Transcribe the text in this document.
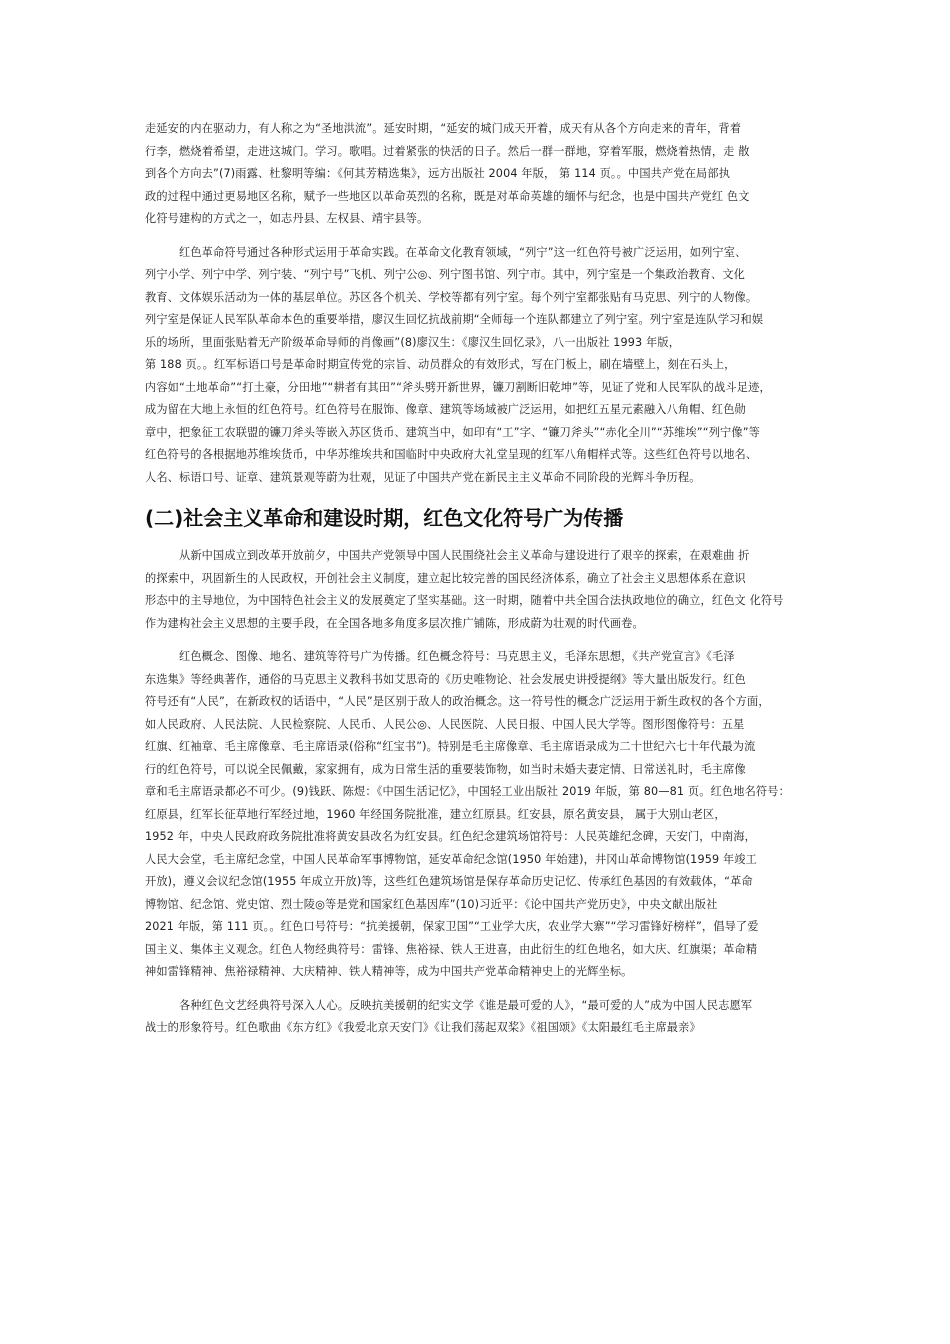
走延安的内在驱动力，有人称之为“圣地洪流”。延安时期，“延安的城门成天开着，成天有从各个方向走来的青年，背着
行李，燃烧着希望，走进这城门。学习。歌唱。过着紧张的快活的日子。然后一群一群地，穿着军服，燃烧着热情，走 散
到各个方向去”(7)雨露、杜黎明等编：《何其芳精选集》，远方出版社 2004 年版， 第 114 页。。中国共产党在局部执
政的过程中通过更易地区名称，赋予一些地区以革命英烈的名称，既是对革命英雄的缅怀与纪念，也是中国共产党红 色文
化符号建构的方式之一，如志丹县、左权县、靖宇县等。
红色革命符号通过各种形式运用于革命实践。在革命文化教育领域，“列宁”这一红色符号被广泛运用，如列宁室、
列宁小学、列宁中学、列宁装、“列宁号”飞机、列宁公◎、列宁图书馆、列宁市。其中，列宁室是一个集政治教育、文化
教育、文体娱乐活动为一体的基层单位。苏区各个机关、学校等都有列宁室。每个列宁室都张贴有马克思、列宁的人物像。
列宁室是保证人民军队革命本色的重要举措，廖汉生回忆抗战前期“全师每一个连队都建立了列宁室。列宁室是连队学习和娱
乐的场所，里面张贴着无产阶级革命导师的肖像画”(8)廖汉生：《廖汉生回忆录》，八一出版社 1993 年版，
第 188 页。。红军标语口号是革命时期宣传党的宗旨、动员群众的有效形式，写在门板上，刷在墙壁上，刻在石头上，
内容如“土地革命”“打土豪，分田地”“耕者有其田”“斧头劈开新世界，镰刀割断旧乾坤”等，见证了党和人民军队的战斗足迹，
成为留在大地上永恒的红色符号。红色符号在服饰、像章、建筑等场域被广泛运用，如把红五星元素融入八角帽、红色勋
章中，把象征工农联盟的镰刀斧头等嵌入苏区货币、建筑当中，如印有“工”字、“镰刀斧头”“赤化全川”“苏维埃”“列宁像”等
红色符号的各根据地苏维埃货币，中华苏维埃共和国临时中央政府大礼堂呈现的红军八角帽样式等。这些红色符号以地名、
人名、标语口号、证章、建筑景观等蔚为壮观，见证了中国共产党在新民主主义革命不同阶段的光辉斗争历程。
(二)社会主义革命和建设时期，红色文化符号广为传播
从新中国成立到改革开放前夕，中国共产党领导中国人民围绕社会主义革命与建设进行了艰辛的探索，在艰难曲 折
的探索中，巩固新生的人民政权，开创社会主义制度，建立起比较完善的国民经济体系，确立了社会主义思想体系在意识
形态中的主导地位，为中国特色社会主义的发展奠定了坚实基础。这一时期，随着中共全国合法执政地位的确立，红色文 化符号
作为建构社会主义思想的主要手段，在全国各地多角度多层次推广铺陈，形成蔚为壮观的时代画卷。
红色概念、图像、地名、建筑等符号广为传播。红色概念符号：马克思主义，毛泽东思想，《共产党宣言》《毛泽
东选集》等经典著作，通俗的马克思主义教科书如艾思奇的《历史唯物论、社会发展史讲授提纲》等大量出版发行。红色
符号还有“人民”，在新政权的话语中，“人民”是区别于敌人的政治概念。这一符号性的概念广泛运用于新生政权的各个方面，
如人民政府、人民法院、人民检察院、人民币、人民公◎、人民医院、人民日报、中国人民大学等。图形图像符号：五星
红旗、红袖章、毛主席像章、毛主席语录(俗称“红宝书”)。特别是毛主席像章、毛主席语录成为二十世纪六七十年代最为流
行的红色符号，可以说全民佩戴，家家拥有，成为日常生活的重要装饰物，如当时未婚夫妻定情、日常送礼时，毛主席像
章和毛主席语录都必不可少。(9)钱跃、陈煜：《中国生活记忆》，中国轻工业出版社 2019 年版，第 80—81 页。红色地名符号：
红原县，红军长征草地行军经过地，1960 年经国务院批准，建立红原县。红安县，原名黄安县， 属于大别山老区，
1952 年，中央人民政府政务院批准将黄安县改名为红安县。红色纪念建筑场馆符号：人民英雄纪念碑，天安门，中南海，
人民大会堂，毛主席纪念堂，中国人民革命军事博物馆，延安革命纪念馆(1950 年始建)，井冈山革命博物馆(1959 年竣工
开放)，遵义会议纪念馆(1955 年成立开放)等，这些红色建筑场馆是保存革命历史记忆、传承红色基因的有效载体，“革命
博物馆、纪念馆、党史馆、烈士陵◎等是党和国家红色基因库”(10)习近平：《论中国共产党历史》，中央文献出版社
2021 年版，第 111 页。。红色口号符号：“抗美援朝，保家卫国”“工业学大庆，农业学大寨”“学习雷锋好榜样”，倡导了爱
国主义、集体主义观念。红色人物经典符号：雷锋、焦裕禄、铁人王进喜，由此衍生的红色地名，如大庆、红旗渠；革命精
神如雷锋精神、焦裕禄精神、大庆精神、铁人精神等，成为中国共产党革命精神史上的光辉坐标。
各种红色文艺经典符号深入人心。反映抗美援朝的纪实文学《谁是最可爱的人》，“最可爱的人”成为中国人民志愿军
战士的形象符号。红色歌曲《东方红》《我爱北京天安门》《让我们荡起双桨》《祖国颂》《太阳最红毛主席最亲》
